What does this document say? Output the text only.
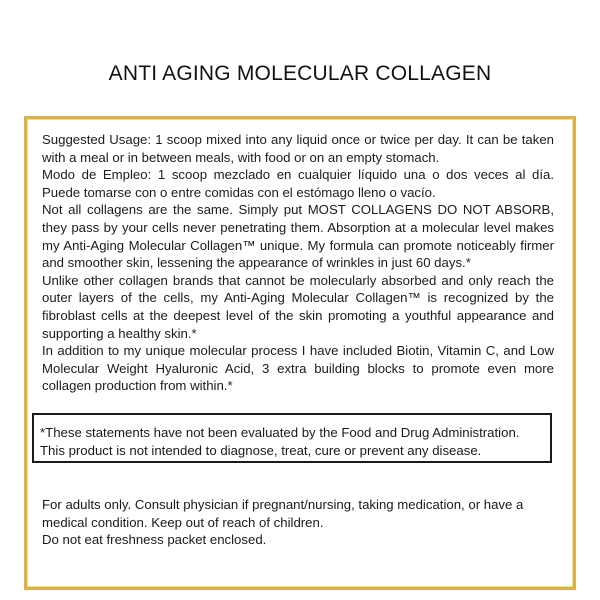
ANTI AGING MOLECULAR COLLAGEN

Suggested Usage: 1 scoop mixed into any liquid once or twice per day. It can be taken with a meal or in between meals, with food or on an empty stomach.

Modo de Empleo: 1 scoop mezclado en cualquier líquido una o dos veces al día. Puede tomarse con o entre comidas con el estómago lleno o vacío.

Not all collagens are the same. Simply put MOST COLLAGENS DO NOT ABSORB, they pass by your cells never penetrating them. Absorption at a molecular level makes my Anti-Aging Molecular Collagen™ unique. My formula can promote noticeably firmer and smoother skin, lessening the appearance of wrinkles in just 60 days.*

Unlike other collagen brands that cannot be molecularly absorbed and only reach the outer layers of the cells, my Anti-Aging Molecular Collagen™ is recognized by the fibroblast cells at the deepest level of the skin promoting a youthful appearance and supporting a healthy skin.*

In addition to my unique molecular process I have included Biotin, Vitamin C, and Low Molecular Weight Hyaluronic Acid, 3 extra building blocks to promote even more collagen production from within.*

*These statements have not been evaluated by the Food and Drug Administration.

This product is not intended to diagnose, treat, cure or prevent any disease.

For adults only. Consult physician if pregnant/nursing, taking medication, or have a medical condition. Keep out of reach of children.

Do not eat freshness packet enclosed.
